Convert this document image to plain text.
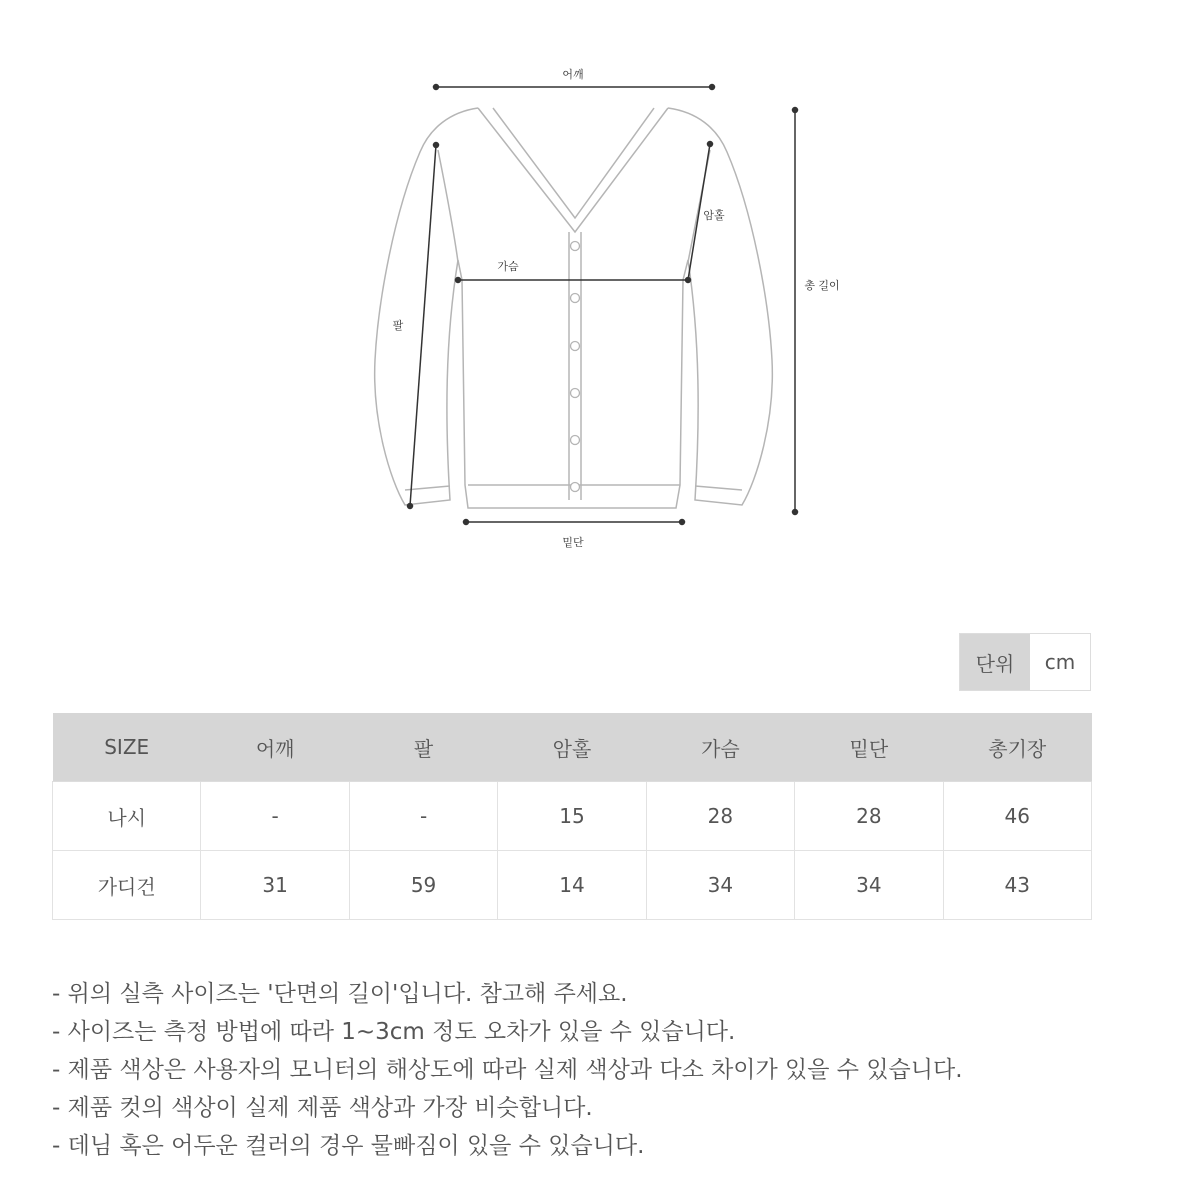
어깨
암홀
가슴
총 길이
팔
밑단
단위	cm
SIZE	어깨	팔	암홀	가슴	밑단	총기장
나시	-	-	15	28	28	46
가디건	31	59	14	34	34	43
- 위의 실측 사이즈는 '단면의 길이'입니다. 참고해 주세요.
- 사이즈는 측정 방법에 따라 1~3cm 정도 오차가 있을 수 있습니다.
- 제품 색상은 사용자의 모니터의 해상도에 따라 실제 색상과 다소 차이가 있을 수 있습니다.
- 제품 컷의 색상이 실제 제품 색상과 가장 비슷합니다.
- 데님 혹은 어두운 컬러의 경우 물빠짐이 있을 수 있습니다.
